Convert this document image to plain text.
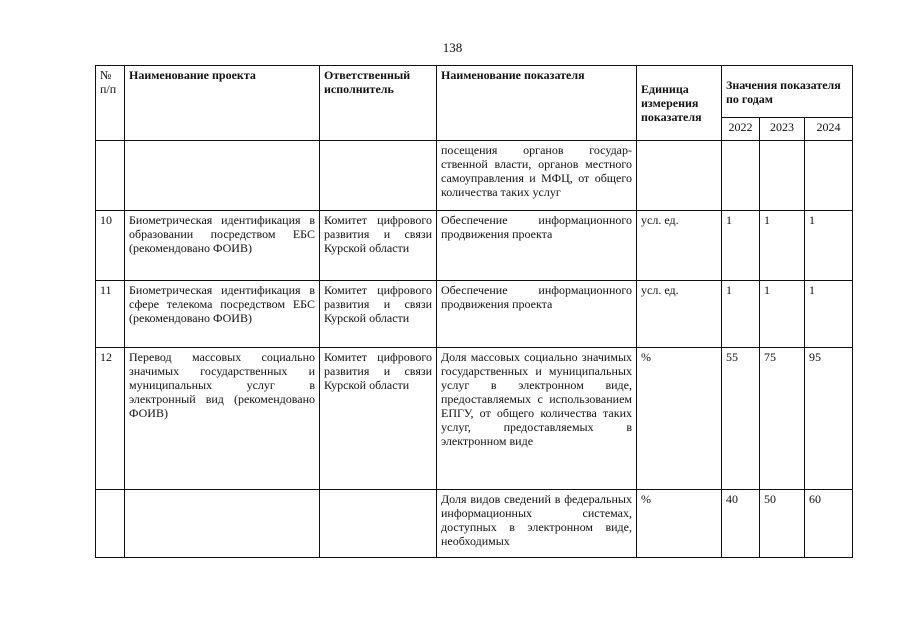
138
№ п/п	Наименование проекта	Ответственный исполнитель	Наименование показателя	Единица измерения показателя	Значения показателя по годам		
					2022	2023	2024
			посещения органов государ-ственной власти, органов местного самоуправления и МФЦ, от общего количества таких услуг				
10	Биометрическая идентификация в образовании посредством ЕБС (рекомендовано ФОИВ)	Комитет цифрового развития и связи Курской области	Обеспечение информационного продвижения проекта	усл. ед.	1	1	1
11	Биометрическая идентификация в сфере телекома посредством ЕБС (рекомендовано ФОИВ)	Комитет цифрового развития и связи Курской области	Обеспечение информационного продвижения проекта	усл. ед.	1	1	1
12	Перевод массовых социально значимых государственных и муниципальных услуг в электронный вид (рекомендовано ФОИВ)	Комитет цифрового развития и связи Курской области	Доля массовых социально значимых государственных и муниципальных услуг в электронном виде, предоставляемых с использованием ЕПГУ, от общего количества таких услуг, предоставляемых в электронном виде	%	55	75	95
			Доля видов сведений в федеральных информационных системах, доступных в электронном виде, необходимых	%	40	50	60
